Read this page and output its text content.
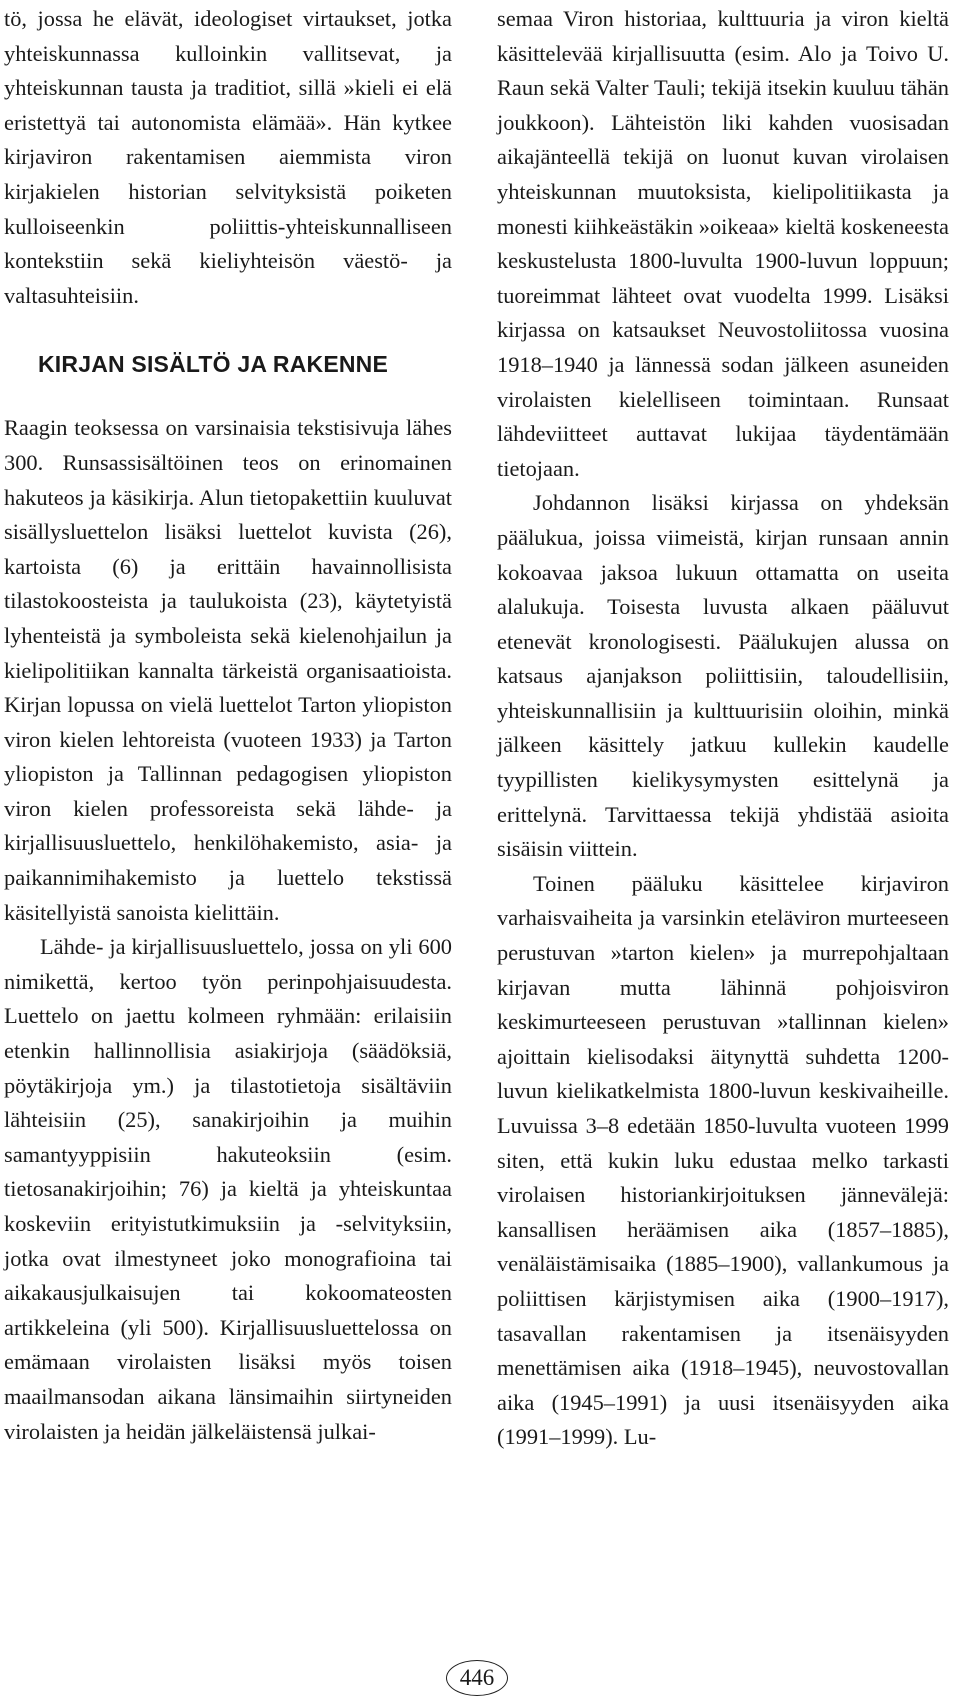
tö, jossa he elävät, ideologiset virtaukset, jotka yhteiskunnassa kulloinkin vallitsevat, ja yhteiskunnan tausta ja traditiot, sillä »kieli ei elä eristettyä tai autonomista elämää». Hän kytkee kirjaviron rakentamisen aiemmista viron kirjakielen historian selvityksistä poiketen kulloiseenkin poliittis-yhteiskunnalliseen kontekstiin sekä kieliyhteisön väestö- ja valtasuhteisiin.

KIRJAN SISÄLTÖ JA RAKENNE

Raagin teoksessa on varsinaisia tekstisivuja lähes 300. Runsassisältöinen teos on erinomainen hakuteos ja käsikirja. Alun tietopakettiin kuuluvat sisällysluettelon lisäksi luettelot kuvista (26), kartoista (6) ja erittäin havainnollisista tilastokoosteista ja taulukoista (23), käytetyistä lyhenteistä ja symboleista sekä kielenohjailun ja kielipolitiikan kannalta tärkeistä organisaatioista. Kirjan lopussa on vielä luettelot Tarton yliopiston viron kielen lehtoreista (vuoteen 1933) ja Tarton yliopiston ja Tallinnan pedagogisen yliopiston viron kielen professoreista sekä lähde- ja kirjallisuusluettelo, henkilöhakemisto, asia- ja paikannimihakemisto ja luettelo tekstissä käsitellyistä sanoista kielittäin.

Lähde- ja kirjallisuusluettelo, jossa on yli 600 nimikettä, kertoo työn perinpohjaisuudesta. Luettelo on jaettu kolmeen ryhmään: erilaisiin etenkin hallinnollisia asiakirjoja (säädöksiä, pöytäkirjoja ym.) ja tilastotietoja sisältäviin lähteisiin (25), sanakirjoihin ja muihin samantyyppisiin hakuteoksiin (esim. tietosanakirjoihin; 76) ja kieltä ja yhteiskuntaa koskeviin erityistutkimuksiin ja -selvityksiin, jotka ovat ilmestyneet joko monografioina tai aikakausjulkaisujen tai kokoomateosten artikkeleina (yli 500). Kirjallisuusluettelossa on emämaan virolaisten lisäksi myös toisen maailmansodan aikana länsimaihin siirtyneiden virolaisten ja heidän jälkeläistensä julkai-

semaa Viron historiaa, kulttuuria ja viron kieltä käsittelevää kirjallisuutta (esim. Alo ja Toivo U. Raun sekä Valter Tauli; tekijä itsekin kuuluu tähän joukkoon). Lähteistön liki kahden vuosisadan aikajänteellä tekijä on luonut kuvan virolaisen yhteiskunnan muutoksista, kielipolitiikasta ja monesti kiihkeästäkin »oikeaa» kieltä koskeneesta keskustelusta 1800-luvulta 1900-luvun loppuun; tuoreimmat lähteet ovat vuodelta 1999. Lisäksi kirjassa on katsaukset Neuvostoliitossa vuosina 1918–1940 ja lännessä sodan jälkeen asuneiden virolaisten kielelliseen toimintaan. Runsaat lähdeviitteet auttavat lukijaa täydentämään tietojaan.

Johdannon lisäksi kirjassa on yhdeksän päälukua, joissa viimeistä, kirjan runsaan annin kokoavaa jaksoa lukuun ottamatta on useita alalukuja. Toisesta luvusta alkaen pääluvut etenevät kronologisesti. Päälukujen alussa on katsaus ajanjakson poliittisiin, taloudellisiin, yhteiskunnallisiin ja kulttuurisiin oloihin, minkä jälkeen käsittely jatkuu kullekin kaudelle tyypillisten kielikysymysten esittelynä ja erittelynä. Tarvittaessa tekijä yhdistää asioita sisäisin viittein.

Toinen pääluku käsittelee kirjaviron varhaisvaiheita ja varsinkin eteläviron murteeseen perustuvan »tarton kielen» ja murrepohjaltaan kirjavan mutta lähinnä pohjoisviron keskimurteeseen perustuvan »tallinnan kielen» ajoittain kielisodaksi äitynyttä suhdetta 1200-luvun kielikatkelmista 1800-luvun keskivaiheille. Luvuissa 3–8 edetään 1850-luvulta vuoteen 1999 siten, että kukin luku edustaa melko tarkasti virolaisen historiankirjoituksen jännevälejä: kansallisen heräämisen aika (1857–1885), venäläistämisaika (1885–1900), vallankumous ja poliittisen kärjistymisen aika (1900–1917), tasavallan rakentamisen ja itsenäisyyden menettämisen aika (1918–1945), neuvostovallan aika (1945–1991) ja uusi itsenäisyyden aika (1991–1999). Lu-

446
